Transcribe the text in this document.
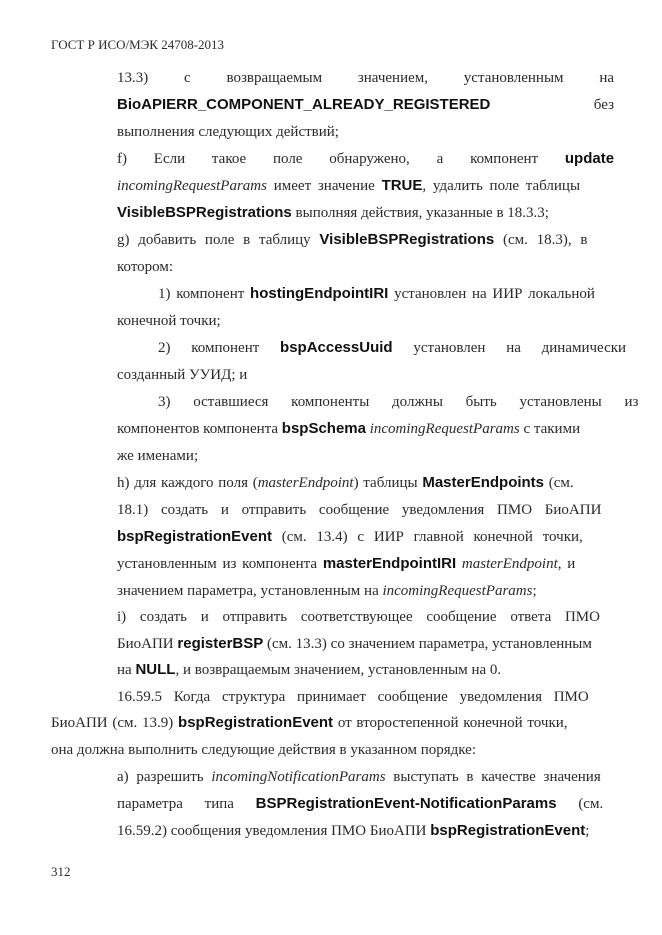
ГОСТ Р ИСО/МЭК 24708-2013
13.3) с возвращаемым значением, установленным на
BioAPIERR_COMPONENT_ALREADY_REGISTERED	без
выполнения следующих действий;
f) Если такое поле обнаружено, а компонент update
incomingRequestParams имеет значение TRUE, удалить поле таблицы
VisibleBSPRegistrations выполняя действия, указанные в 18.3.3;
g) добавить поле в таблицу VisibleBSPRegistrations (см. 18.3), в
котором:
1) компонент hostingEndpointIRI установлен на ИИР локальной
конечной точки;
2) компонент bspAccessUuid установлен на динамически
созданный УУИД; и
3) оставшиеся компоненты должны быть установлены из
компонентов компонента bspSchema incomingRequestParams с такими
же именами;
h) для каждого поля (masterEndpoint) таблицы MasterEndpoints (см.
18.1) создать и отправить сообщение уведомления ПМО БиоАПИ
bspRegistrationEvent (см. 13.4) с ИИР главной конечной точки,
установленным из компонента masterEndpointIRI masterEndpoint, и
значением параметра, установленным на incomingRequestParams;
i) создать и отправить соответствующее сообщение ответа ПМО
БиоАПИ registerBSP (см. 13.3) со значением параметра, установленным
на NULL, и возвращаемым значением, установленным на 0.
16.59.5 Когда структура принимает сообщение уведомления ПМО
БиоАПИ (см. 13.9) bspRegistrationEvent от второстепенной конечной точки,
она должна выполнить следующие действия в указанном порядке:
а) разрешить incomingNotificationParams выступать в качестве значения
параметра типа BSPRegistrationEvent-NotificationParams (см.
16.59.2) сообщения уведомления ПМО БиоАПИ bspRegistrationEvent;
312
